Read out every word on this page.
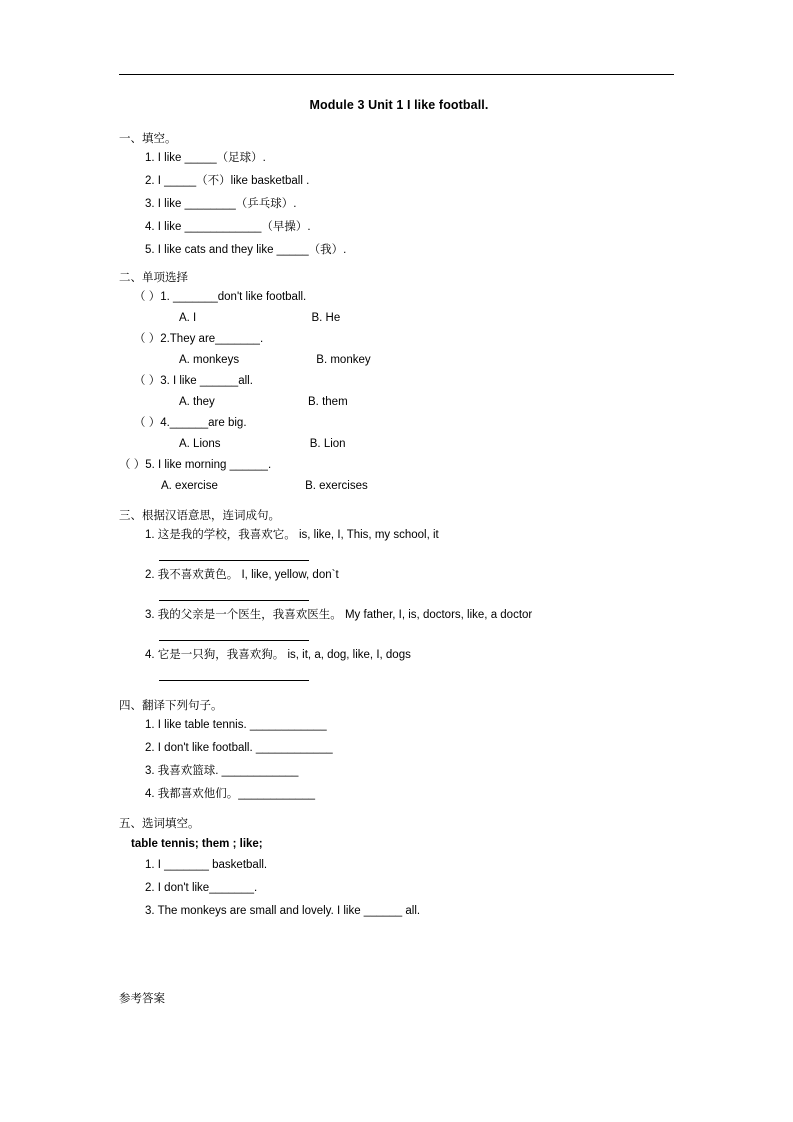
Module 3 Unit 1 I like football.
一、填空。
1. I like _____（足球）.
2. I _____（不）like basketball .
3. I like ________（乒乓球）.
4. I like ____________（早操）.
5. I like cats and they like _____（我）.
二、单项选择
（ ）1. _______don't like football.
A. I	B. He
（ ）2.They are_______.
A. monkeys	B. monkey
（ ）3. I like ______all.
A. they	B. them
（ ）4.______are big.
A. Lions	B. Lion
（ ）5. I like morning ______.
A. exercise	B. exercises
三、根据汉语意思，连词成句。
1. 这是我的学校，我喜欢它。 is, like, I, This, my school, it
2. 我不喜欢黄色。 I, like, yellow, don`t
3. 我的父亲是一个医生，我喜欢医生。 My father, I, is, doctors, like, a doctor
4. 它是一只狗，我喜欢狗。 is, it, a, dog, like, I, dogs
四、翻译下列句子。
1. I like table tennis. ____________
2. I don't like football. ____________
3. 我喜欢篮球. ____________
4. 我都喜欢他们。____________
五、选词填空。
table tennis; them ; like;
1. I _______ basketball.
2. I don't like_______.
3. The monkeys are small and lovely. I like ______ all.
参考答案
